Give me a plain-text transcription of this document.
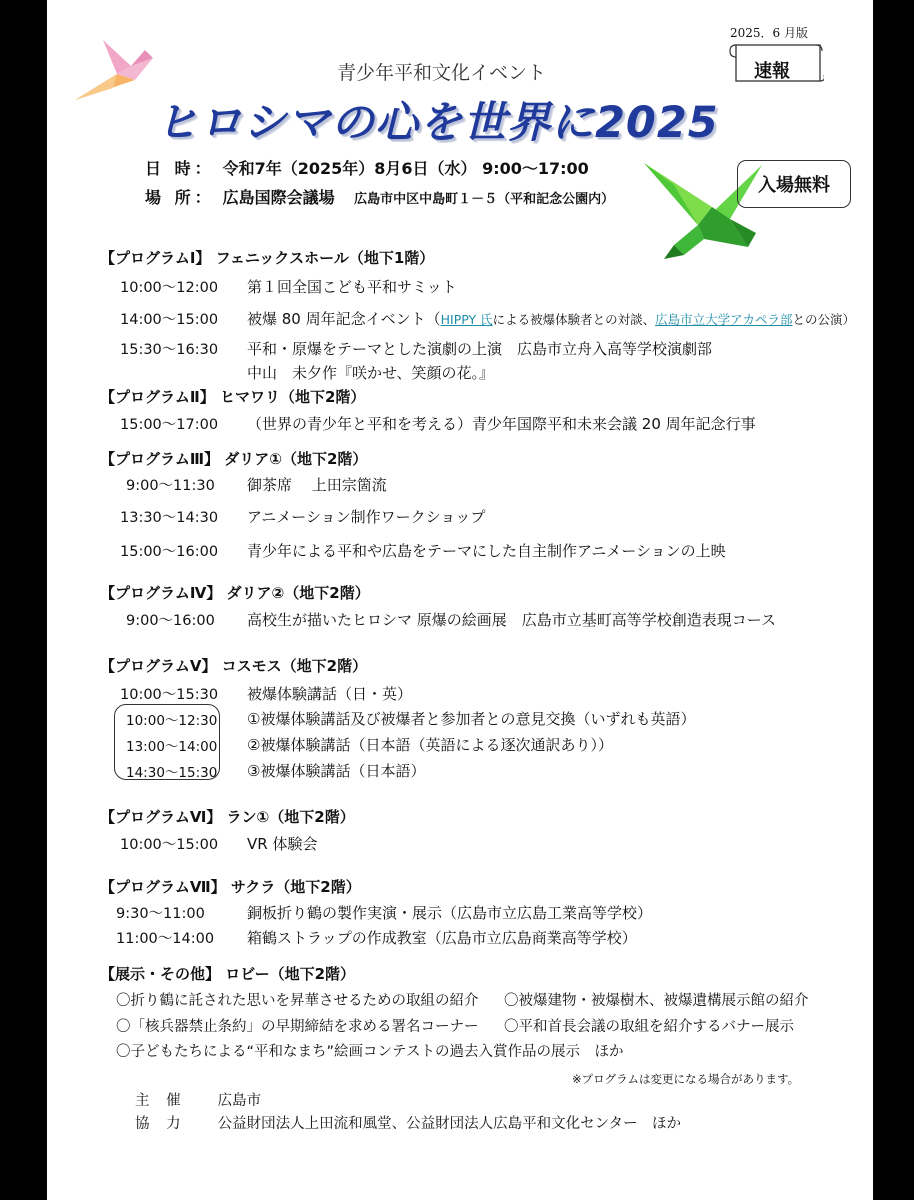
2025．6 月版
青少年平和文化イベント
ヒロシマの心を世界に2025
速報
入場無料
日 時： 令和7年（2025年）8月6日（水） 9:00～17:00
場 所： 広島国際会議場 広島市中区中島町１－５（平和記念公園内）
【プログラムⅠ】 フェニックスホール（地下1階）
10:00～12:00 第１回全国こども平和サミット
14:00～15:00 被爆 80 周年記念イベント（HIPPY 氏による被爆体験者との対談、広島市立大学アカペラ部との公演）
15:30～16:30 平和・原爆をテーマとした演劇の上演　広島市立舟入高等学校演劇部
中山　未夕作『咲かせ、笑顔の花。』
【プログラムⅡ】 ヒマワリ（地下2階）
15:00～17:00 （世界の青少年と平和を考える）青少年国際平和未来会議 20 周年記念行事
【プログラムⅢ】 ダリア①（地下2階）
9:00～11:30 御茶席　 上田宗箇流
13:30～14:30 アニメーション制作ワークショップ
15:00～16:00 青少年による平和や広島をテーマにした自主制作アニメーションの上映
【プログラムⅣ】 ダリア②（地下2階）
9:00～16:00 高校生が描いたヒロシマ 原爆の絵画展　広島市立基町高等学校創造表現コース
【プログラムⅤ】 コスモス（地下2階）
10:00～15:30 被爆体験講話（日・英）
10:00～12:30 ①被爆体験講話及び被爆者と参加者との意見交換（いずれも英語）
13:00～14:00 ②被爆体験講話（日本語（英語による逐次通訳あり））
14:30～15:30 ③被爆体験講話（日本語）
【プログラムⅥ】 ラン①（地下2階）
10:00～15:00 VR 体験会
【プログラムⅦ】 サクラ（地下2階）
9:30～11:00	銅板折り鶴の製作実演・展示（広島市立広島工業高等学校）
11:00～14:00 箱鶴ストラップの作成教室（広島市立広島商業高等学校）
【展示・その他】 ロビー（地下2階）
〇折り鶴に託された思いを昇華させるための取組の紹介 〇被爆建物・被爆樹木、被爆遺構展示館の紹介
〇「核兵器禁止条約」の早期締結を求める署名コーナー 〇平和首長会議の取組を紹介するバナー展示
〇子どもたちによる“平和なまち”絵画コンテストの過去入賞作品の展示　ほか
※プログラムは変更になる場合があります。
主 催 広島市
協 力 公益財団法人上田流和風堂、公益財団法人広島平和文化センター　ほか
